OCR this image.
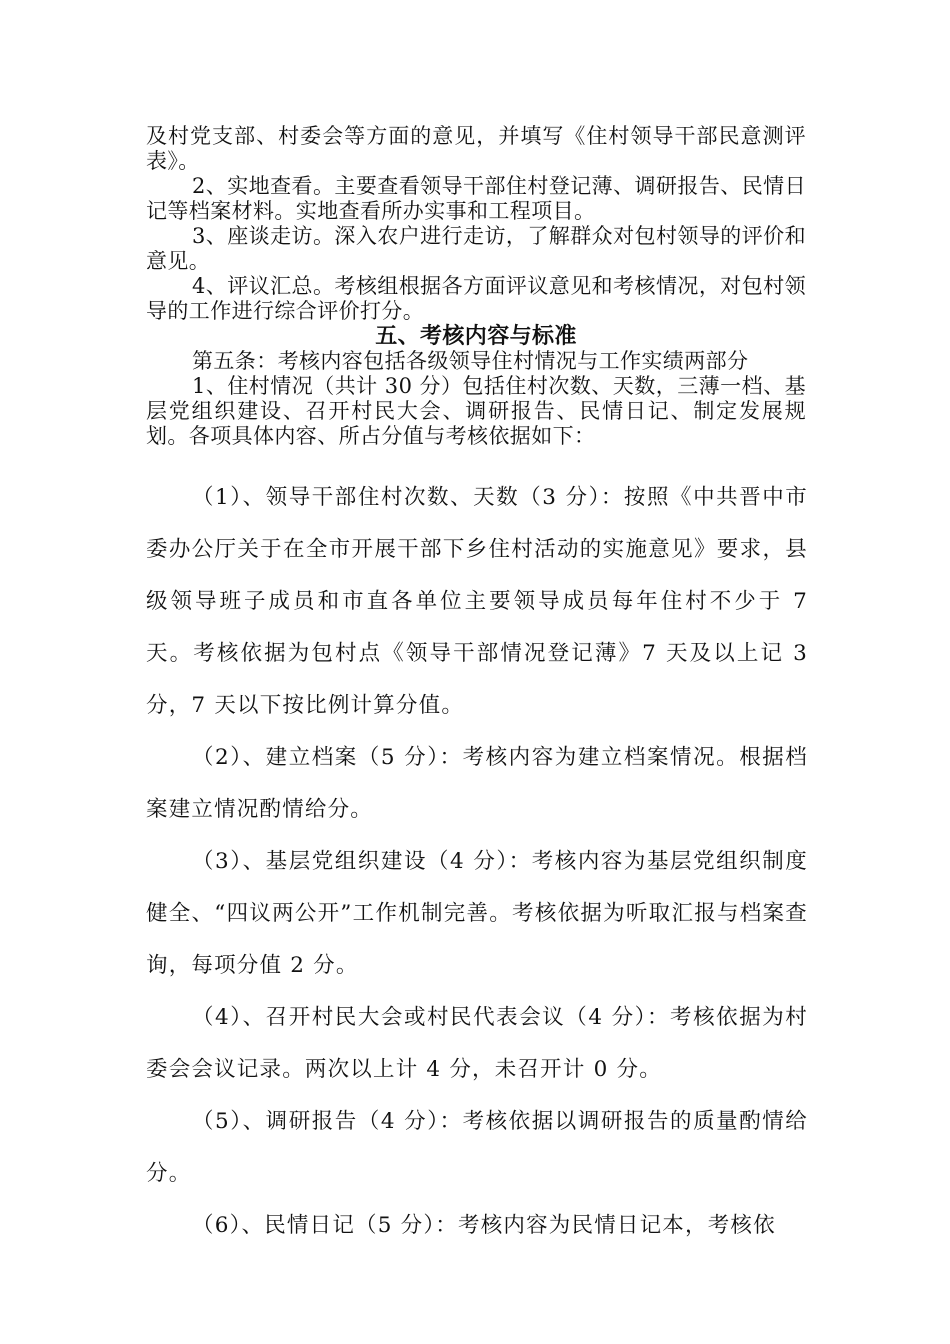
及村党支部、村委会等方面的意见，并填写《住村领导干部民意测评表》。

2、实地查看。主要查看领导干部住村登记薄、调研报告、民情日记等档案材料。实地查看所办实事和工程项目。

3、座谈走访。深入农户进行走访，了解群众对包村领导的评价和意见。

4、评议汇总。考核组根据各方面评议意见和考核情况，对包村领导的工作进行综合评价打分。

五、考核内容与标准

第五条：考核内容包括各级领导住村情况与工作实绩两部分

1、住村情况（共计 30 分）包括住村次数、天数，三薄一档、基层党组织建设、召开村民大会、调研报告、民情日记、制定发展规划。各项具体内容、所占分值与考核依据如下：

（1）、领导干部住村次数、天数（3 分）：按照《中共晋中市委办公厅关于在全市开展干部下乡住村活动的实施意见》要求，县级领导班子成员和市直各单位主要领导成员每年住村不少于 7 天。考核依据为包村点《领导干部情况登记薄》7 天及以上记 3 分，7 天以下按比例计算分值。

（2）、建立档案（5 分）：考核内容为建立档案情况。根据档案建立情况酌情给分。

（3）、基层党组织建设（4 分）：考核内容为基层党组织制度健全、“四议两公开”工作机制完善。考核依据为听取汇报与档案查询，每项分值 2 分。

（4）、召开村民大会或村民代表会议（4 分）：考核依据为村委会会议记录。两次以上计 4 分，未召开计 0 分。

（5）、调研报告（4 分）：考核依据以调研报告的质量酌情给分。

（6）、民情日记（5 分）：考核内容为民情日记本，考核依
